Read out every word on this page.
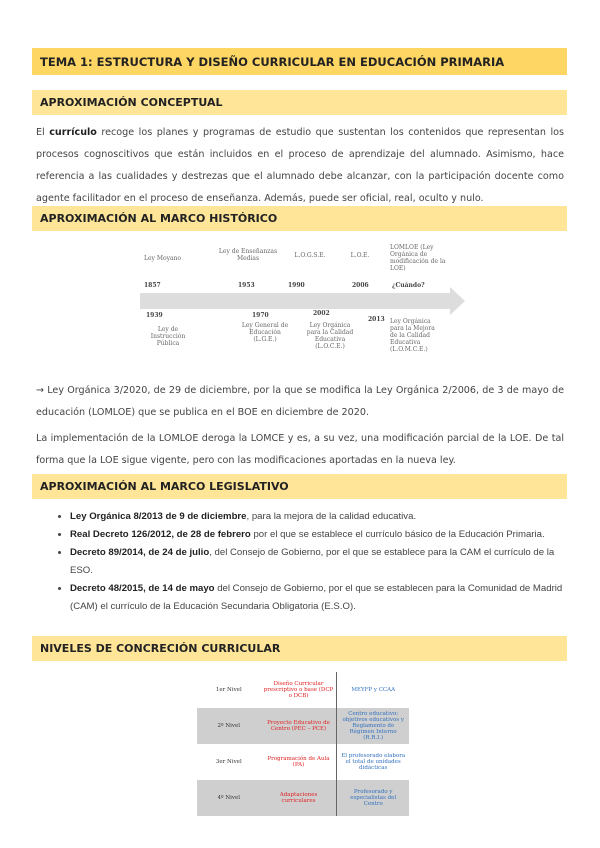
TEMA 1: ESTRUCTURA Y DISEÑO CURRICULAR EN EDUCACIÓN PRIMARIA
APROXIMACIÓN CONCEPTUAL

El currículo recoge los planes y programas de estudio que sustentan los contenidos que representan los procesos cognoscitivos que están incluidos en el proceso de aprendizaje del alumnado. Asimismo, hace referencia a las cualidades y destrezas que el alumnado debe alcanzar, con la participación docente como agente facilitador en el proceso de enseñanza. Además, puede ser oficial, real, oculto y nulo.

APROXIMACIÓN AL MARCO HISTÓRICO
Ley Moyano
Ley de Enseñanzas Medias	L.O.G.S.E.	L.O.E.
LOMLOE (Ley Orgánica de modificación de la LOE)
1857	1953	1990	2006	¿Cuándo?
1939	1970	2002
2013
Ley de Instrucción Pública
Ley General de Educación (L.G.E.)
Ley Orgánica para la Calidad Educativa (L.O.C.E.)
Ley Orgánica para la Mejora de la Calidad Educativa (L.O.M.C.E.)

→ Ley Orgánica 3/2020, de 29 de diciembre, por la que se modifica la Ley Orgánica 2/2006, de 3 de mayo de educación (LOMLOE) que se publica en el BOE en diciembre de 2020.

La implementación de la LOMLOE deroga la LOMCE y es, a su vez, una modificación parcial de la LOE. De tal forma que la LOE sigue vigente, pero con las modificaciones aportadas en la nueva ley.

APROXIMACIÓN AL MARCO LEGISLATIVO
• Ley Orgánica 8/2013 de 9 de diciembre, para la mejora de la calidad educativa.
• Real Decreto 126/2012, de 28 de febrero por el que se establece el currículo básico de la Educación Primaria.
• Decreto 89/2014, de 24 de julio, del Consejo de Gobierno, por el que se establece para la CAM el currículo de la ESO.
• Decreto 48/2015, de 14 de mayo del Consejo de Gobierno, por el que se establecen para la Comunidad de Madrid (CAM) el currículo de la Educación Secundaria Obligatoria (E.S.O).
NIVELES DE CONCRECIÓN CURRICULAR
1er Nivel	Diseño Curricular prescriptivo o base (DCP o DCB)	MEYFP y CCAA
2º Nivel	Proyecto Educativo de Centro (PEC – PCE)	Centro educativo: objetivos educativos y Reglamento de Régimen Interno (R.R.I.)
3er Nivel	Programación de Aula (PA)	El profesorado elabora el total de unidades didácticas
4º Nivel	Adaptaciones curriculares	Profesorado y especialistas del Centro
